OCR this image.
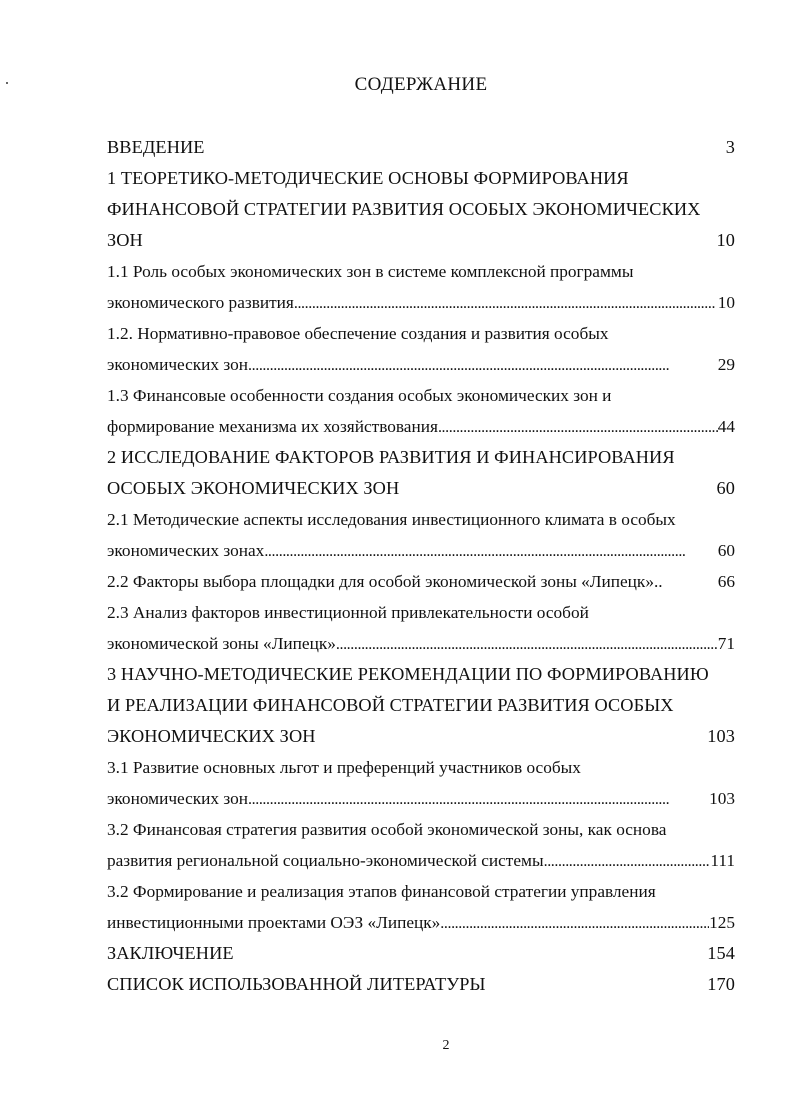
СОДЕРЖАНИЕ
ВВЕДЕНИЕ	3
1 ТЕОРЕТИКО-МЕТОДИЧЕСКИЕ ОСНОВЫ ФОРМИРОВАНИЯ
ФИНАНСОВОЙ СТРАТЕГИИ РАЗВИТИЯ ОСОБЫХ ЭКОНОМИЧЕСКИХ
ЗОН	10
1.1 Роль особых экономических зон в системе комплексной программы
экономического развития . . .	10
1.2. Нормативно-правовое обеспечение создания и развития особых
экономических зон . . .	29
1.3 Финансовые особенности создания особых экономических зон и
формирование механизма их хозяйствования . . .	44
2 ИССЛЕДОВАНИЕ ФАКТОРОВ РАЗВИТИЯ И ФИНАНСИРОВАНИЯ
ОСОБЫХ ЭКОНОМИЧЕСКИХ ЗОН	60
2.1 Методические аспекты исследования инвестиционного климата в особых
экономических зонах . . .	60
2.2 Факторы выбора площадки для особой экономической зоны «Липецк»..	66
2.3 Анализ факторов инвестиционной привлекательности особой
экономической зоны «Липецк» . . .	71
3 НАУЧНО-МЕТОДИЧЕСКИЕ РЕКОМЕНДАЦИИ ПО ФОРМИРОВАНИЮ
И РЕАЛИЗАЦИИ ФИНАНСОВОЙ СТРАТЕГИИ РАЗВИТИЯ ОСОБЫХ
ЭКОНОМИЧЕСКИХ ЗОН	103
3.1 Развитие основных льгот и преференций участников особых
экономических зон . . .	103
3.2 Финансовая стратегия развития особой экономической зоны, как основа
развития региональной социально-экономической системы . . .	111
3.2 Формирование и реализация этапов финансовой стратегии управления
инвестиционными проектами ОЭЗ «Липецк» . . .	125
ЗАКЛЮЧЕНИЕ	154
СПИСОК ИСПОЛЬЗОВАННОЙ ЛИТЕРАТУРЫ	170
2
